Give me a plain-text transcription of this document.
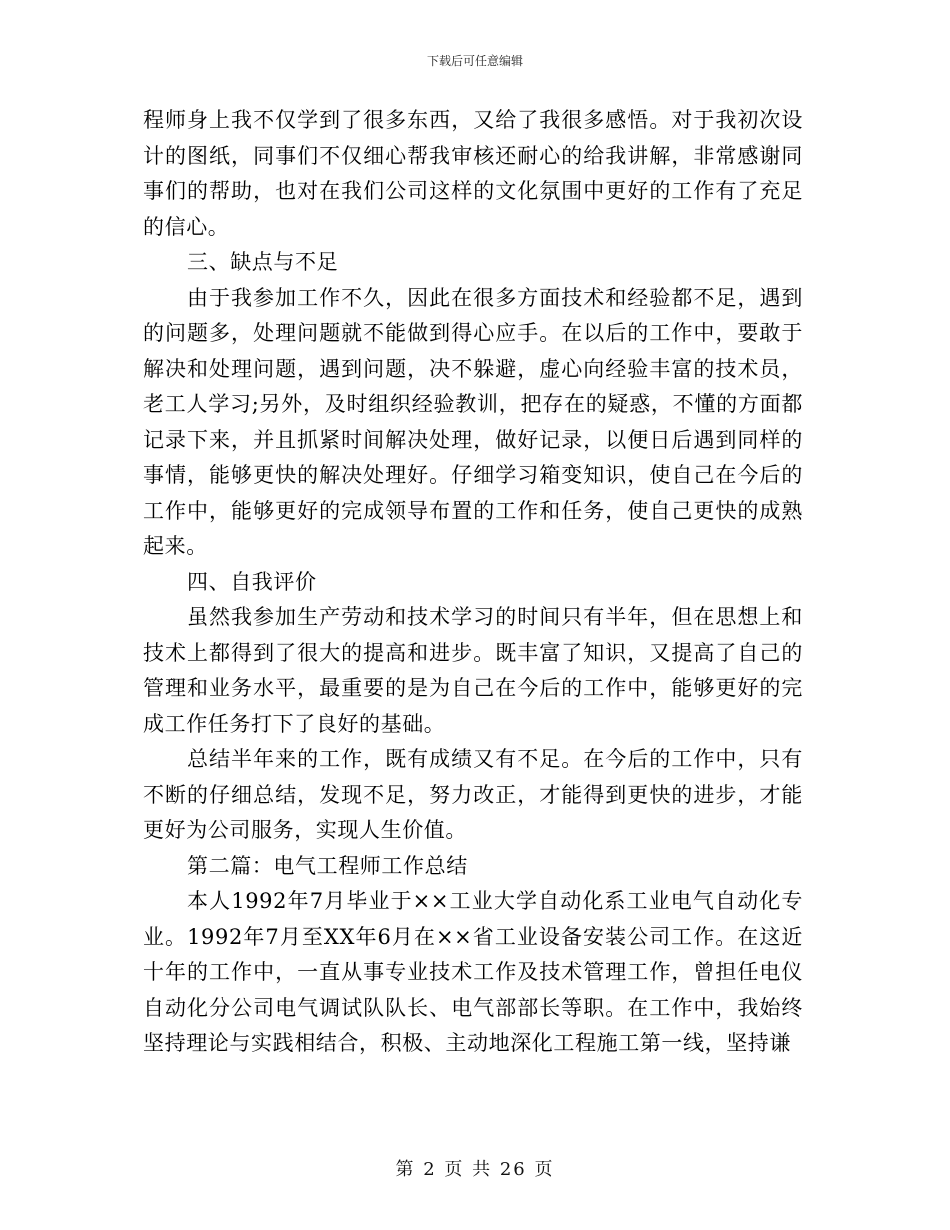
下载后可任意编辑

程师身上我不仅学到了很多东西，又给了我很多感悟。对于我初次设计的图纸，同事们不仅细心帮我审核还耐心的给我讲解，非常感谢同事们的帮助，也对在我们公司这样的文化氛围中更好的工作有了充足的信心。

三、缺点与不足

由于我参加工作不久，因此在很多方面技术和经验都不足，遇到的问题多，处理问题就不能做到得心应手。在以后的工作中，要敢于解决和处理问题，遇到问题，决不躲避，虚心向经验丰富的技术员，老工人学习;另外，及时组织经验教训，把存在的疑惑，不懂的方面都记录下来，并且抓紧时间解决处理，做好记录，以便日后遇到同样的事情，能够更快的解决处理好。仔细学习箱变知识，使自己在今后的工作中，能够更好的完成领导布置的工作和任务，使自己更快的成熟起来。

四、自我评价

虽然我参加生产劳动和技术学习的时间只有半年，但在思想上和技术上都得到了很大的提高和进步。既丰富了知识，又提高了自己的管理和业务水平，最重要的是为自己在今后的工作中，能够更好的完成工作任务打下了良好的基础。

总结半年来的工作，既有成绩又有不足。在今后的工作中，只有不断的仔细总结，发现不足，努力改正，才能得到更快的进步，才能更好为公司服务，实现人生价值。

第二篇：电气工程师工作总结

本人1992年7月毕业于××工业大学自动化系工业电气自动化专业。1992年7月至XX年6月在××省工业设备安装公司工作。在这近十年的工作中，一直从事专业技术工作及技术管理工作，曾担任电仪自动化分公司电气调试队队长、电气部部长等职。在工作中，我始终坚持理论与实践相结合，积极、主动地深化工程施工第一线，坚持谦

第 2 页 共 26 页
